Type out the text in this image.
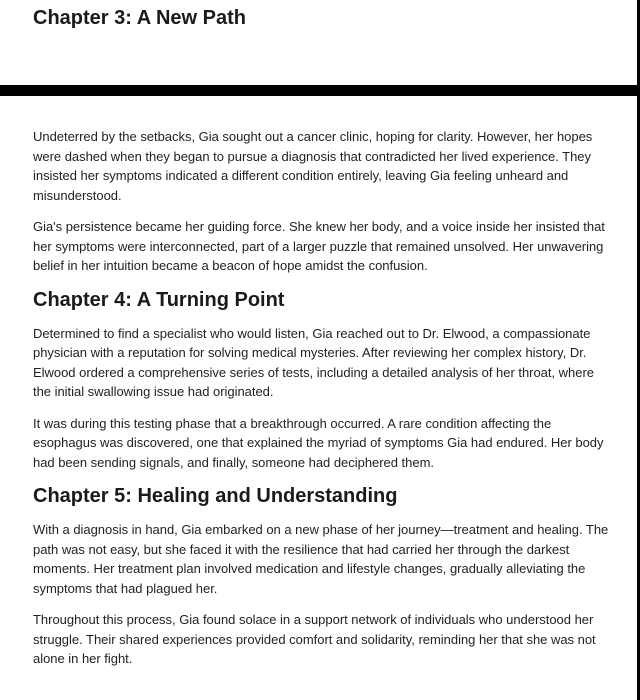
Chapter 3: A New Path

Undeterred by the setbacks, Gia sought out a cancer clinic, hoping for clarity. However, her hopes were dashed when they began to pursue a diagnosis that contradicted her lived experience. They insisted her symptoms indicated a different condition entirely, leaving Gia feeling unheard and misunderstood.

Gia's persistence became her guiding force. She knew her body, and a voice inside her insisted that her symptoms were interconnected, part of a larger puzzle that remained unsolved. Her unwavering belief in her intuition became a beacon of hope amidst the confusion.

Chapter 4: A Turning Point

Determined to find a specialist who would listen, Gia reached out to Dr. Elwood, a compassionate physician with a reputation for solving medical mysteries. After reviewing her complex history, Dr. Elwood ordered a comprehensive series of tests, including a detailed analysis of her throat, where the initial swallowing issue had originated.

It was during this testing phase that a breakthrough occurred. A rare condition affecting the esophagus was discovered, one that explained the myriad of symptoms Gia had endured. Her body had been sending signals, and finally, someone had deciphered them.

Chapter 5: Healing and Understanding

With a diagnosis in hand, Gia embarked on a new phase of her journey—treatment and healing. The path was not easy, but she faced it with the resilience that had carried her through the darkest moments. Her treatment plan involved medication and lifestyle changes, gradually alleviating the symptoms that had plagued her.

Throughout this process, Gia found solace in a support network of individuals who understood her struggle. Their shared experiences provided comfort and solidarity, reminding her that she was not alone in her fight.
